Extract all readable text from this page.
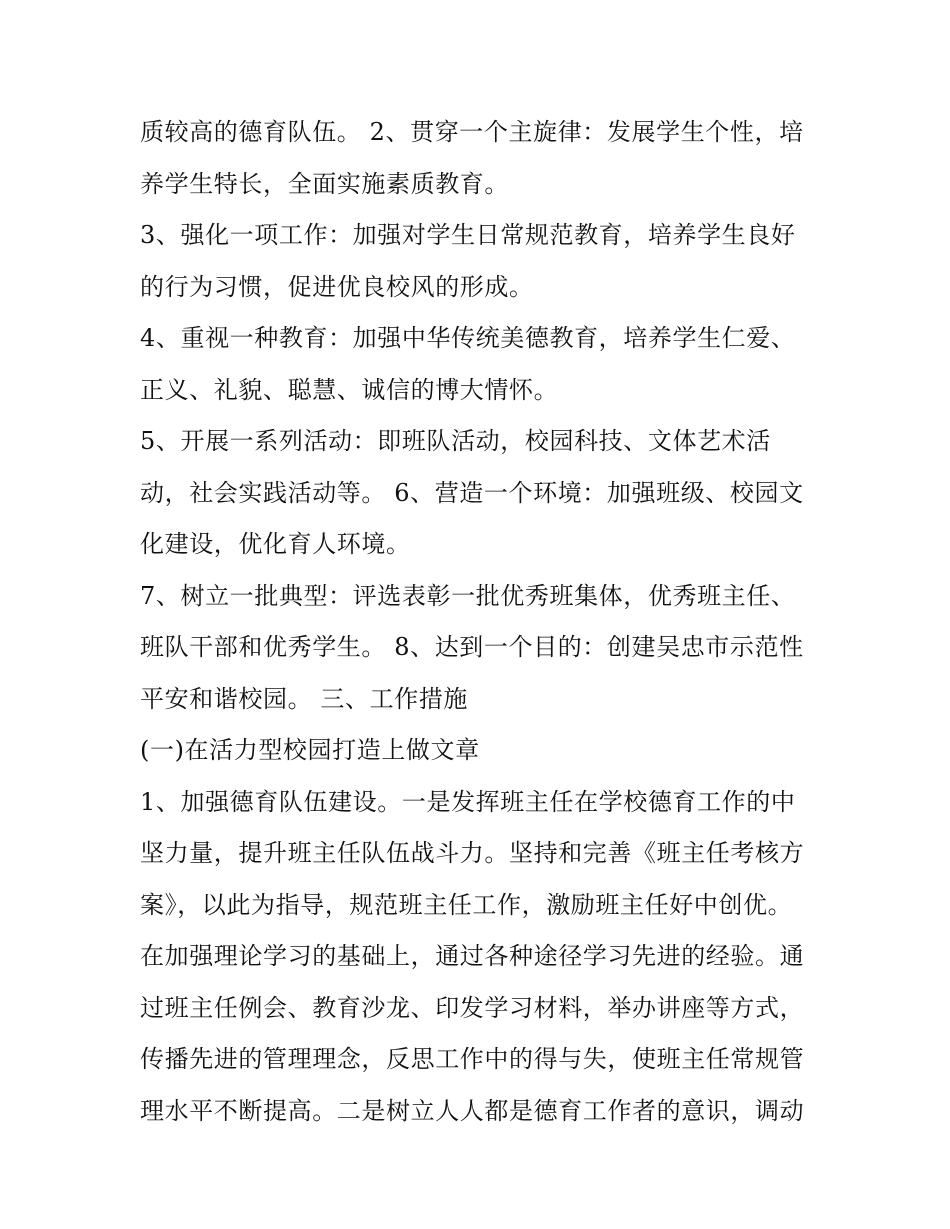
质较高的德育队伍。 2、贯穿一个主旋律：发展学生个性，培
养学生特长，全面实施素质教育。
3、强化一项工作：加强对学生日常规范教育，培养学生良好
的行为习惯，促进优良校风的形成。
4、重视一种教育：加强中华传统美德教育，培养学生仁爱、
正义、礼貌、聪慧、诚信的博大情怀。
5、开展一系列活动：即班队活动，校园科技、文体艺术活
动，社会实践活动等。 6、营造一个环境：加强班级、校园文
化建设，优化育人环境。
7、树立一批典型：评选表彰一批优秀班集体，优秀班主任、
班队干部和优秀学生。 8、达到一个目的：创建吴忠市示范性
平安和谐校园。 三、工作措施
(一)在活力型校园打造上做文章
1、加强德育队伍建设。一是发挥班主任在学校德育工作的中
坚力量，提升班主任队伍战斗力。坚持和完善《班主任考核方
案》，以此为指导，规范班主任工作，激励班主任好中创优。
在加强理论学习的基础上，通过各种途径学习先进的经验。通
过班主任例会、教育沙龙、印发学习材料，举办讲座等方式，
传播先进的管理理念，反思工作中的得与失，使班主任常规管
理水平不断提高。二是树立人人都是德育工作者的意识，调动
